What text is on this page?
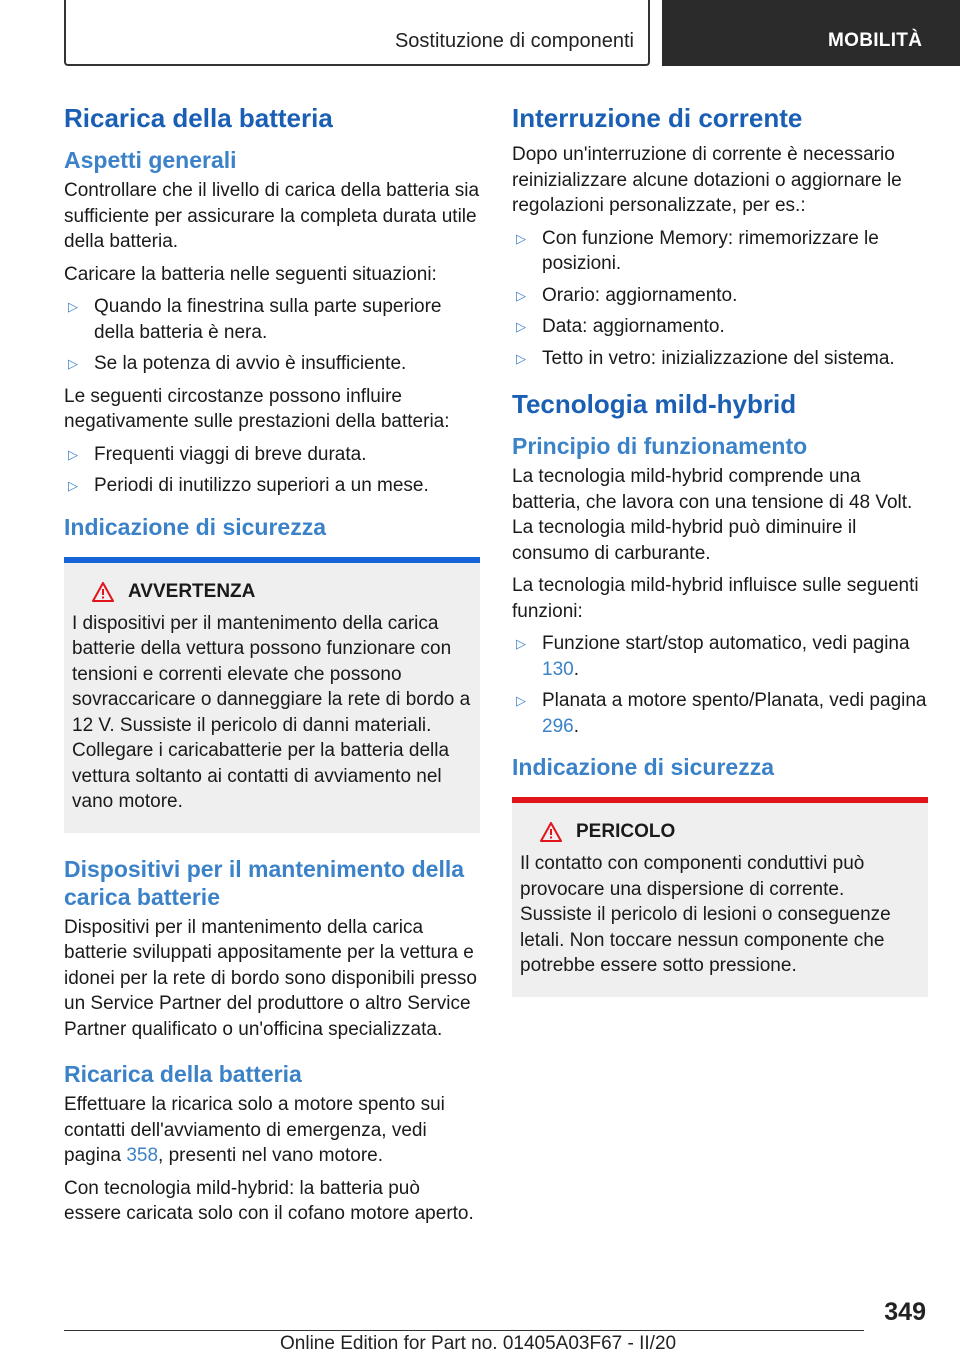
Sostituzione di componenti	MOBILITÀ
Ricarica della batteria
Aspetti generali

Controllare che il livello di carica della batteria sia sufficiente per assicurare la completa durata utile della batteria.

Caricare la batteria nelle seguenti situazioni:

▷ Quando la finestrina sulla parte superiore della batteria è nera.
▷ Se la potenza di avvio è insufficiente.

Le seguenti circostanze possono influire negativamente sulle prestazioni della batteria:

▷ Frequenti viaggi di breve durata.
▷ Periodi di inutilizzo superiori a un mese.
Indicazione di sicurezza
AVVERTENZA

I dispositivi per il mantenimento della carica batterie della vettura possono funzionare con tensioni e correnti elevate che possono sovraccaricare o danneggiare la rete di bordo a 12 V. Sussiste il pericolo di danni materiali. Collegare i caricabatterie per la batteria della vettura soltanto ai contatti di avviamento nel vano motore.

Dispositivi per il mantenimento della carica batterie

Dispositivi per il mantenimento della carica batterie sviluppati appositamente per la vettura e idonei per la rete di bordo sono disponibili presso un Service Partner del produttore o altro Service Partner qualificato o un'officina specializzata.

Ricarica della batteria

Effettuare la ricarica solo a motore spento sui contatti dell'avviamento di emergenza, vedi pagina 358, presenti nel vano motore.

Con tecnologia mild-hybrid: la batteria può essere caricata solo con il cofano motore aperto.

Interruzione di corrente

Dopo un'interruzione di corrente è necessario reinizializzare alcune dotazioni o aggiornare le regolazioni personalizzate, per es.:

▷ Con funzione Memory: rimemorizzare le posizioni.
▷ Orario: aggiornamento.
▷ Data: aggiornamento.
▷ Tetto in vetro: inizializzazione del sistema.
Tecnologia mild-hybrid
Principio di funzionamento

La tecnologia mild-hybrid comprende una batteria, che lavora con una tensione di 48 Volt. La tecnologia mild-hybrid può diminuire il consumo di carburante.

La tecnologia mild-hybrid influisce sulle seguenti funzioni:

▷ Funzione start/stop automatico, vedi pagina 130.
▷ Planata a motore spento/Planata, vedi pagina 296.
Indicazione di sicurezza
PERICOLO

Il contatto con componenti conduttivi può provocare una dispersione di corrente. Sussiste il pericolo di lesioni o conseguenze letali. Non toccare nessun componente che potrebbe essere sotto pressione.

349
Online Edition for Part no. 01405A03F67 - II/20
